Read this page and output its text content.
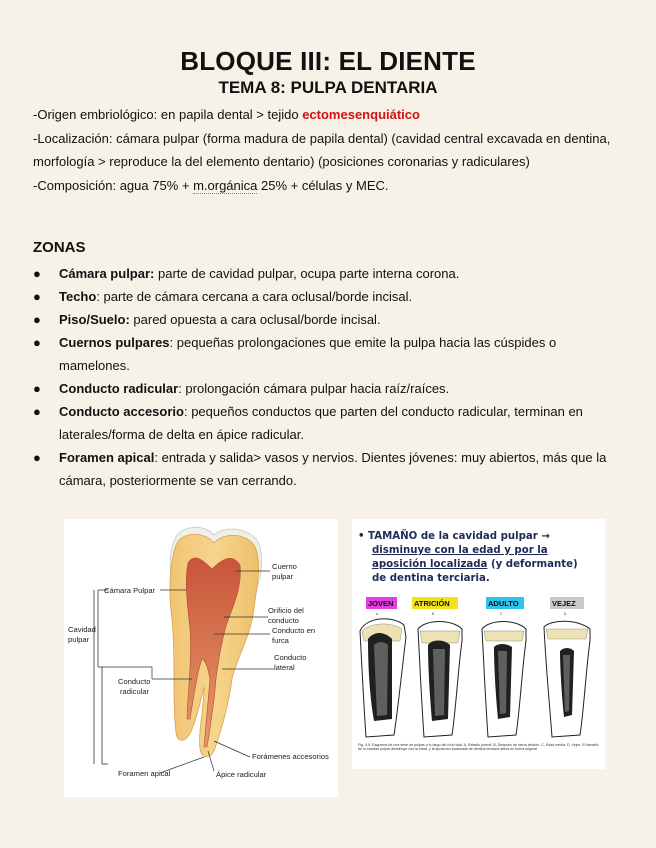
BLOQUE III: EL DIENTE
TEMA 8: PULPA DENTARIA

-Origen embriológico: en papila dental > tejido ectomesenquiático

-Localización: cámara pulpar (forma madura de papila dental) (cavidad central excavada en dentina, morfología > reproduce la del elemento dentario) (posiciones coronarias y radiculares)

-Composición: agua 75% + m.orgánica 25% + células y MEC.

ZONAS
● Cámara pulpar: parte de cavidad pulpar, ocupa parte interna corona.
● Techo: parte de cámara cercana a cara oclusal/borde incisal.
● Piso/Suelo: pared opuesta a cara oclusal/borde incisal.
● Cuernos pulpares: pequeñas prolongaciones que emite la pulpa hacia las cúspides o mamelones.
● Conducto radicular: prolongación cámara pulpar hacia raíz/raíces.
● Conducto accesorio: pequeños conductos que parten del conducto radicular, terminan en laterales/forma de delta en ápice radicular.
● Foramen apical: entrada y salida> vasos y nervios. Dientes jóvenes: muy abiertos, más que la cámara, posteriormente se van cerrando.
Cámara Pulpar
Cavidad
pulpar
Conducto
radicular
Foramen apical
Cuerno
pulpar
Orificio del
conducto
Conducto en
furca
Conducto
lateral
Forámenes accesorios
Ápice radicular
• TAMAÑO de la cavidad pulpar →
disminuye con la edad y por la
aposición localizada (y deformante)
de dentina terciaria.
JOVEN	ATRICIÓN	ADULTO	VEJEZ
A	B	C	D
Fig. 4-5. Esquema de una serie de pulpas a lo largo del ciclo vital. A, Estadio juvenil. B, Después de cierta atrición. C, Edad media. D, Vejez. El tamaño de la cavidad pulpar disminuye con la edad, y la aposición localizada de dentina terciaria altera su forma original.
